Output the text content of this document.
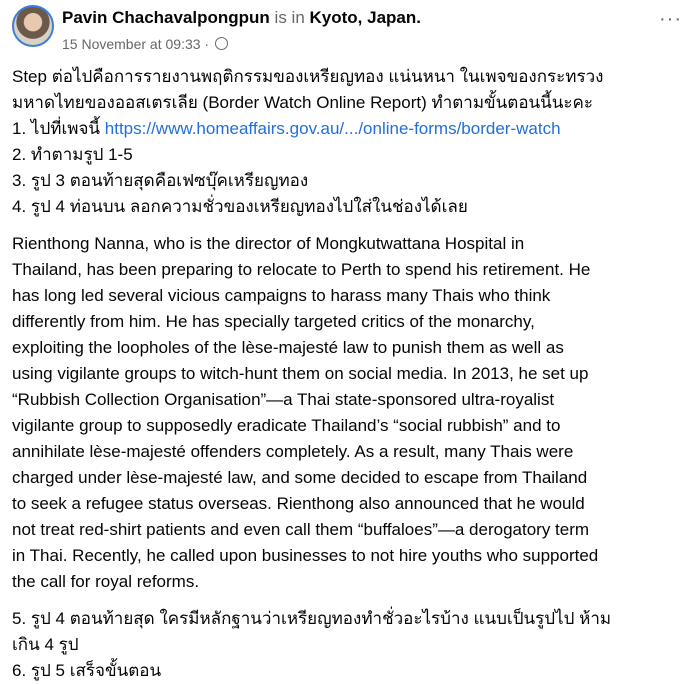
Pavin Chachavalpongpun is in Kyoto, Japan.
15 November at 09:33 ·
···
Step ต่อไปคือการรายงานพฤติกรรมของเหรียญทอง แน่นหนา ในเพจของกระทรวง
มหาดไทยของออสเตรเลีย (Border Watch Online Report) ทำตามขั้นตอนนี้นะคะ
1. ไปที่เพจนี้ https://www.homeaffairs.gov.au/.../online-forms/border-watch
2. ทำตามรูป 1-5
3. รูป 3 ตอนท้ายสุดคือเฟซบุ๊คเหรียญทอง
4. รูป 4 ท่อนบน ลอกความชั่วของเหรียญทองไปใส่ในช่องได้เลย
Rienthong Nanna, who is the director of Mongkutwattana Hospital in
Thailand, has been preparing to relocate to Perth to spend his retirement. He
has long led several vicious campaigns to harass many Thais who think
differently from him. He has specially targeted critics of the monarchy,
exploiting the loopholes of the lèse-majesté law to punish them as well as
using vigilante groups to witch-hunt them on social media. In 2013, he set up
“Rubbish Collection Organisation”—a Thai state-sponsored ultra-royalist
vigilante group to supposedly eradicate Thailand’s “social rubbish” and to
annihilate lèse-majesté offenders completely. As a result, many Thais were
charged under lèse-majesté law, and some decided to escape from Thailand
to seek a refugee status overseas. Rienthong also announced that he would
not treat red-shirt patients and even call them “buffaloes”—a derogatory term
in Thai. Recently, he called upon businesses to not hire youths who supported
the call for royal reforms.
5. รูป 4 ตอนท้ายสุด ใครมีหลักฐานว่าเหรียญทองทำชั่วอะไรบ้าง แนบเป็นรูปไป ห้าม
เกิน 4 รูป
6. รูป 5 เสร็จขั้นตอน
